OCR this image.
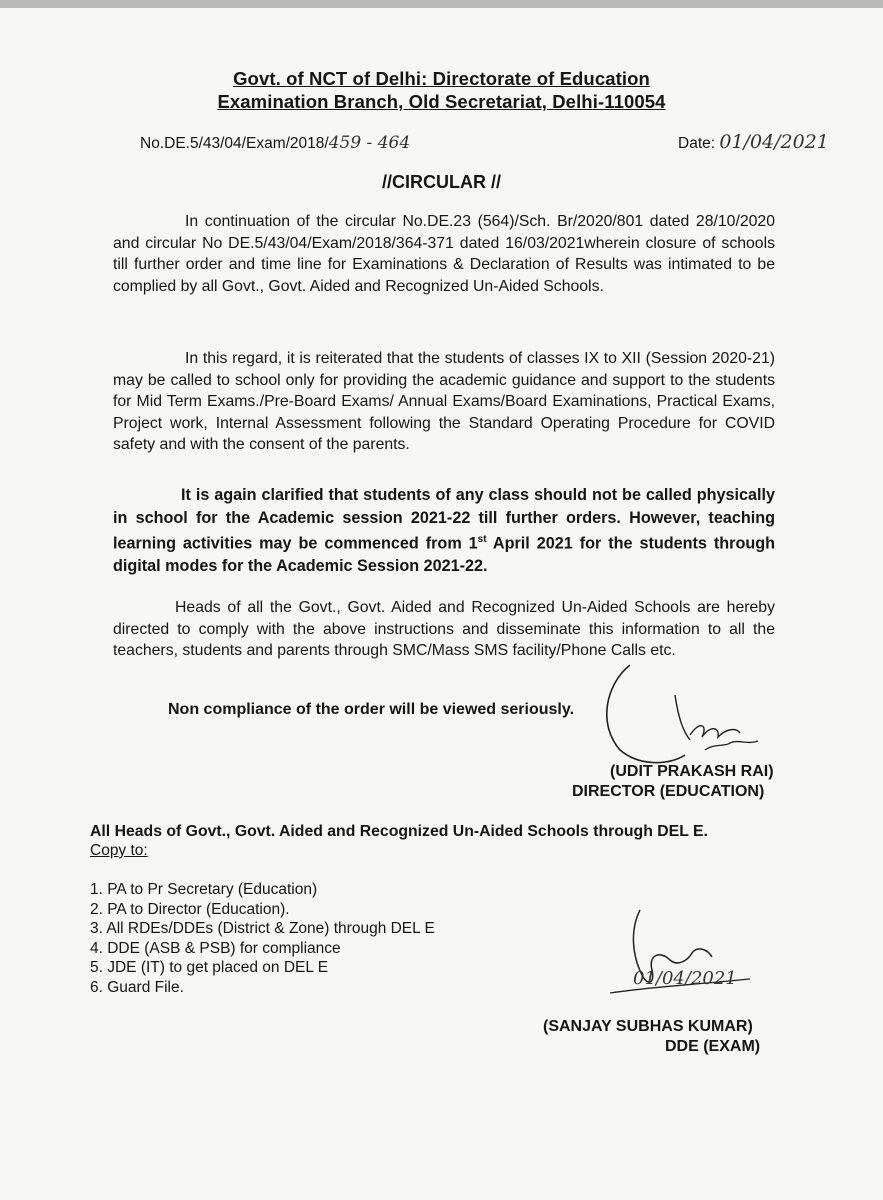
Govt. of NCT of Delhi: Directorate of Education
Examination Branch, Old Secretariat, Delhi-110054
No.DE.5/43/04/Exam/2018/459 - 464	Date: 01/04/2021
//CIRCULAR //
In continuation of the circular No.DE.23 (564)/Sch. Br/2020/801 dated 28/10/2020 and circular No DE.5/43/04/Exam/2018/364-371 dated 16/03/2021wherein closure of schools till further order and time line for Examinations & Declaration of Results was intimated to be complied by all Govt., Govt. Aided and Recognized Un-Aided Schools.
In this regard, it is reiterated that the students of classes IX to XII (Session 2020-21) may be called to school only for providing the academic guidance and support to the students for Mid Term Exams./Pre-Board Exams/ Annual Exams/Board Examinations, Practical Exams, Project work, Internal Assessment following the Standard Operating Procedure for COVID safety and with the consent of the parents.
It is again clarified that students of any class should not be called physically in school for the Academic session 2021-22 till further orders. However, teaching learning activities may be commenced from 1st April 2021 for the students through digital modes for the Academic Session 2021-22.
Heads of all the Govt., Govt. Aided and Recognized Un-Aided Schools are hereby directed to comply with the above instructions and disseminate this information to all the teachers, students and parents through SMC/Mass SMS facility/Phone Calls etc.
Non compliance of the order will be viewed seriously.
(UDIT PRAKASH RAI)
DIRECTOR (EDUCATION)
All Heads of Govt., Govt. Aided and Recognized Un-Aided Schools through DEL E.
Copy to:
1. PA to Pr Secretary (Education)
2. PA to Director (Education).
3. All RDEs/DDEs (District & Zone) through DEL E
4. DDE (ASB & PSB) for compliance
5. JDE (IT) to get placed on DEL E
6. Guard File.	01/04/2021
(SANJAY SUBHAS KUMAR)
DDE (EXAM)
